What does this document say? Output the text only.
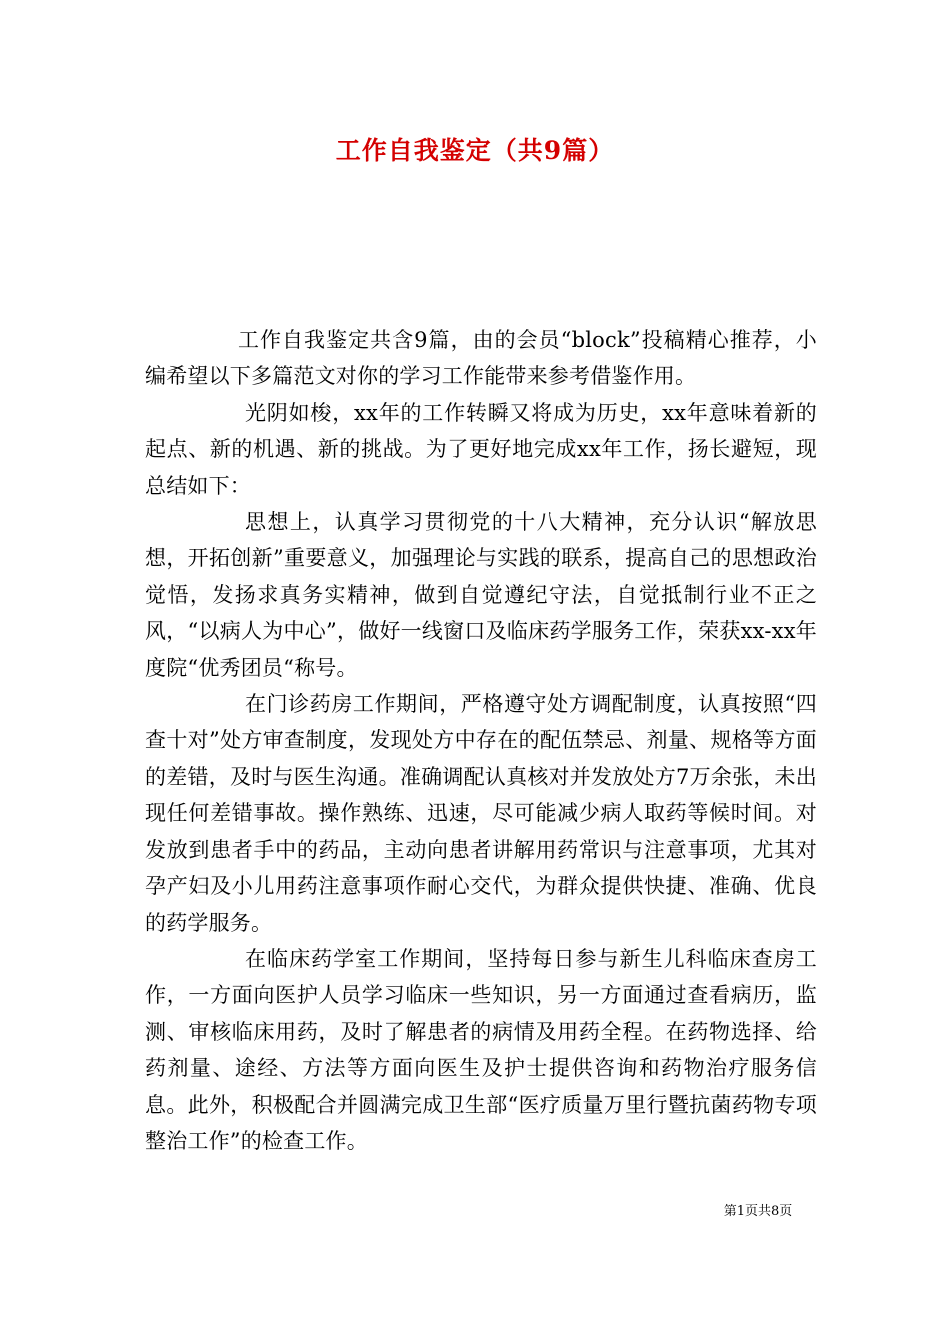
工作自我鉴定（共9篇）

工作自我鉴定共含9篇，由的会员“block”投稿精心推荐，小编希望以下多篇范文对你的学习工作能带来参考借鉴作用。

光阴如梭，xx年的工作转瞬又将成为历史，xx年意味着新的起点、新的机遇、新的挑战。为了更好地完成xx年工作，扬长避短，现总结如下：

思想上，认真学习贯彻党的十八大精神，充分认识“解放思想，开拓创新”重要意义，加强理论与实践的联系，提高自己的思想政治觉悟，发扬求真务实精神，做到自觉遵纪守法，自觉抵制行业不正之风，“以病人为中心”，做好一线窗口及临床药学服务工作，荣获xx-xx年度院“优秀团员“称号。

在门诊药房工作期间，严格遵守处方调配制度，认真按照“四查十对”处方审查制度，发现处方中存在的配伍禁忌、剂量、规格等方面的差错，及时与医生沟通。准确调配认真核对并发放处方7万余张，未出现任何差错事故。操作熟练、迅速，尽可能减少病人取药等候时间。对发放到患者手中的药品，主动向患者讲解用药常识与注意事项，尤其对孕产妇及小儿用药注意事项作耐心交代，为群众提供快捷、准确、优良的药学服务。

在临床药学室工作期间，坚持每日参与新生儿科临床查房工作，一方面向医护人员学习临床一些知识，另一方面通过查看病历，监测、审核临床用药，及时了解患者的病情及用药全程。在药物选择、给药剂量、途经、方法等方面向医生及护士提供咨询和药物治疗服务信息。此外，积极配合并圆满完成卫生部“医疗质量万里行暨抗菌药物专项整治工作”的检查工作。

第1页共8页
